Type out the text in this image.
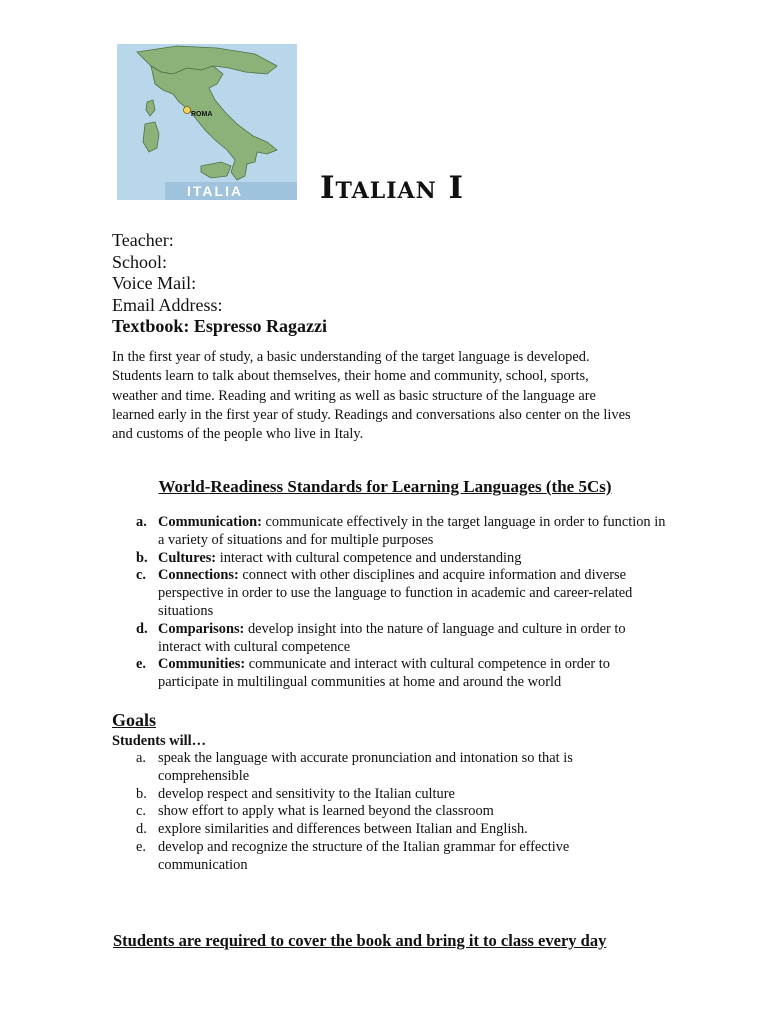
ROMA
ITALIA Italian I
Teacher:
School:
Voice Mail:
Email Address:
Textbook: Espresso Ragazzi
In the first year of study, a basic understanding of the target language is developed. Students learn to talk about themselves, their home and community, school, sports, weather and time. Reading and writing as well as basic structure of the language are learned early in the first year of study. Readings and conversations also center on the lives and customs of the people who live in Italy.
World-Readiness Standards for Learning Languages (the 5Cs)
a. Communication: communicate effectively in the target language in order to function in a variety of situations and for multiple purposes
b. Cultures: interact with cultural competence and understanding
c. Connections: connect with other disciplines and acquire information and diverse perspective in order to use the language to function in academic and career-related situations
d. Comparisons: develop insight into the nature of language and culture in order to interact with cultural competence
e. Communities: communicate and interact with cultural competence in order to participate in multilingual communities at home and around the world
Goals
Students will…
a. speak the language with accurate pronunciation and intonation so that is comprehensible
b. develop respect and sensitivity to the Italian culture
c. show effort to apply what is learned beyond the classroom
d. explore similarities and differences between Italian and English.
e. develop and recognize the structure of the Italian grammar for effective communication
Students are required to cover the book and bring it to class every day
